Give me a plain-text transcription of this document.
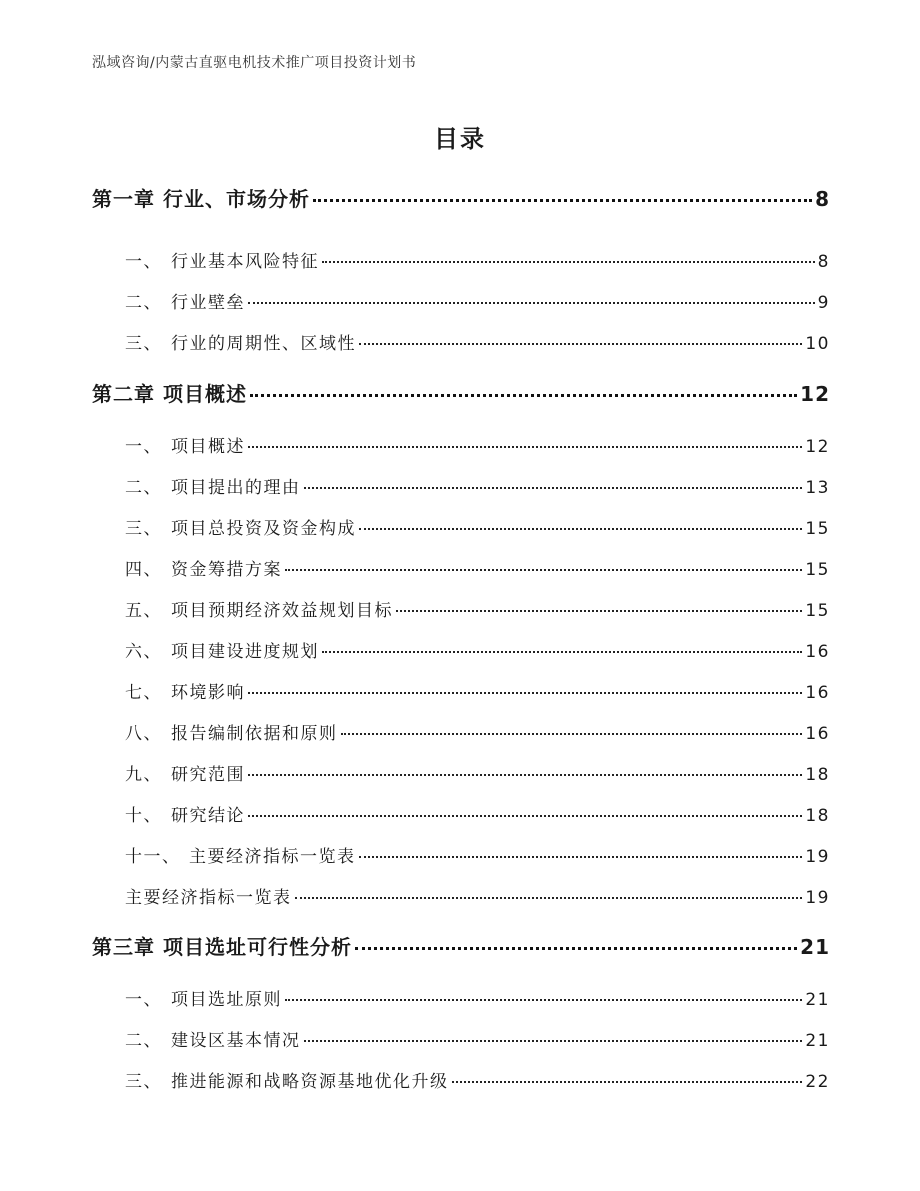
泓域咨询/内蒙古直驱电机技术推广项目投资计划书
目录
第一章 行业、市场分析	8
一、 行业基本风险特征	8
二、 行业壁垒	9
三、 行业的周期性、区域性	10
第二章 项目概述	12
一、 项目概述	12
二、 项目提出的理由	13
三、 项目总投资及资金构成	15
四、 资金筹措方案	15
五、 项目预期经济效益规划目标	15
六、 项目建设进度规划	16
七、 环境影响	16
八、 报告编制依据和原则	16
九、 研究范围	18
十、 研究结论	18
十一、 主要经济指标一览表	19
主要经济指标一览表	19
第三章 项目选址可行性分析	21
一、 项目选址原则	21
二、 建设区基本情况	21
三、 推进能源和战略资源基地优化升级	22
